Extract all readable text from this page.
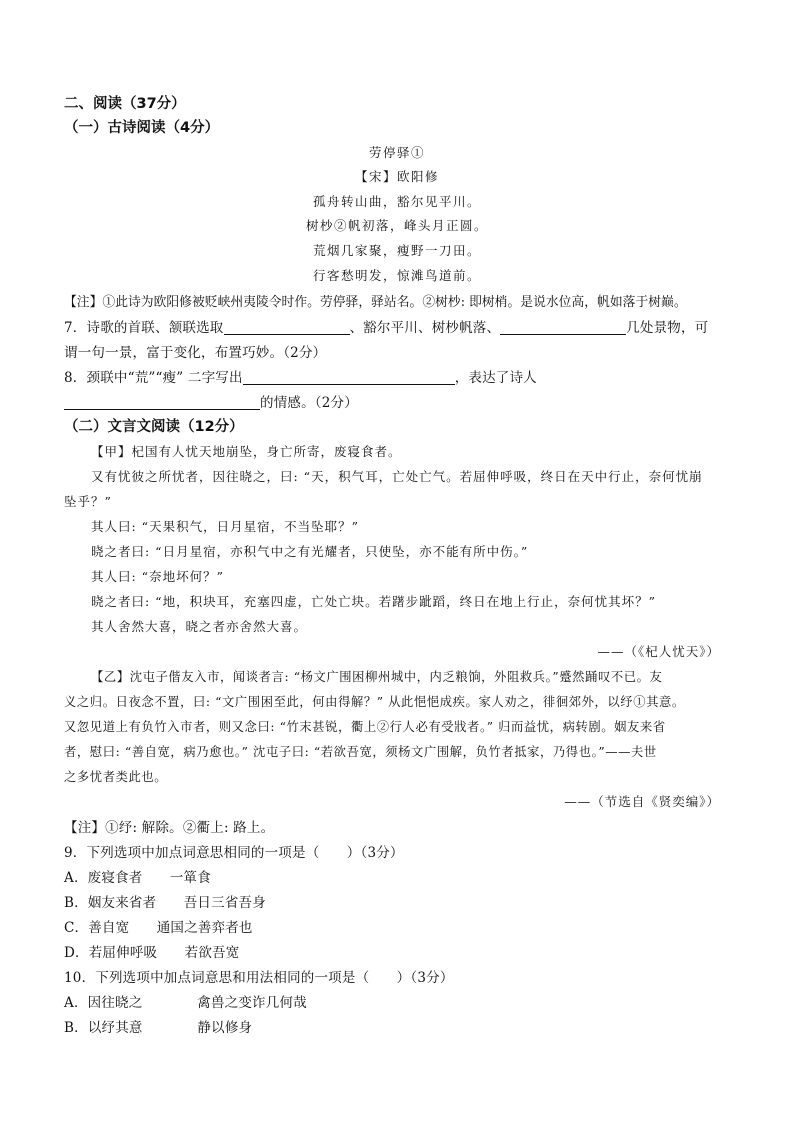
二、阅读（37分）
（一）古诗阅读（4分）
劳停驿①
【宋】欧阳修
孤舟转山曲，豁尔见平川。
树杪②帆初落，峰头月正圆。
荒烟几家聚，瘦野一刀田。
行客愁明发，惊滩鸟道前。
【注】①此诗为欧阳修被贬峡州夷陵令时作。劳停驿，驿站名。②树杪: 即树梢。是说水位高，帆如落于树巅。
7．诗歌的首联、颔联选取	、豁尔平川、树杪帆落、	几处景物，可
谓一句一景，富于变化，布置巧妙。（2分）
8．颈联中“荒”“瘦” 二字写出	，表达了诗人
的情感。（2分）
（二）文言文阅读（12分）
【甲】杞国有人忧天地崩坠，身亡所寄，废寝食者。
又有忧彼之所忧者，因往晓之，曰: “天，积气耳，亡处亡气。若屈伸呼吸，终日在天中行止，奈何忧崩
坠乎？”
其人曰: “天果积气，日月星宿，不当坠耶？”
晓之者曰: “日月星宿，亦积气中之有光耀者，只使坠，亦不能有所中伤。”
其人曰: “奈地坏何？”
晓之者曰: “地，积块耳，充塞四虚，亡处亡块。若躇步跐蹈，终日在地上行止，奈何忧其坏？”
其人舍然大喜，晓之者亦舍然大喜。
——（《杞人忧天》）
【乙】沈屯子偕友入市，闻谈者言: “杨文广围困柳州城中，内乏粮饷，外阻救兵。”蹙然踊叹不已。友
义之归。日夜念不置，曰: “文广围困至此，何由得解？” 从此悒悒成疾。家人劝之，徘徊郊外，以纾①其意。
又忽见道上有负竹入市者，则又念曰: “竹末甚锐，衢上②行人必有受戕者。” 归而益忧，病转剧。姻友来省
者，慰曰: “善自宽，病乃愈也。” 沈屯子曰: “若欲吾宽，须杨文广围解，负竹者抵家，乃得也。”——夫世
之多忧者类此也。
——（节选自《贤奕编》）
【注】①纾: 解除。②衢上: 路上。
9．下列选项中加点词意思相同的一项是（　　）（3分）
A．废寝食者　　一箪食
B．姻友来省者　　吾日三省吾身
C．善自宽　　通国之善弈者也
D．若屈伸呼吸　　若欲吾宽
10．下列选项中加点词意思和用法相同的一项是（　　）（3分）
A．因往晓之　　　　禽兽之变诈几何哉
B．以纾其意　　　　静以修身
